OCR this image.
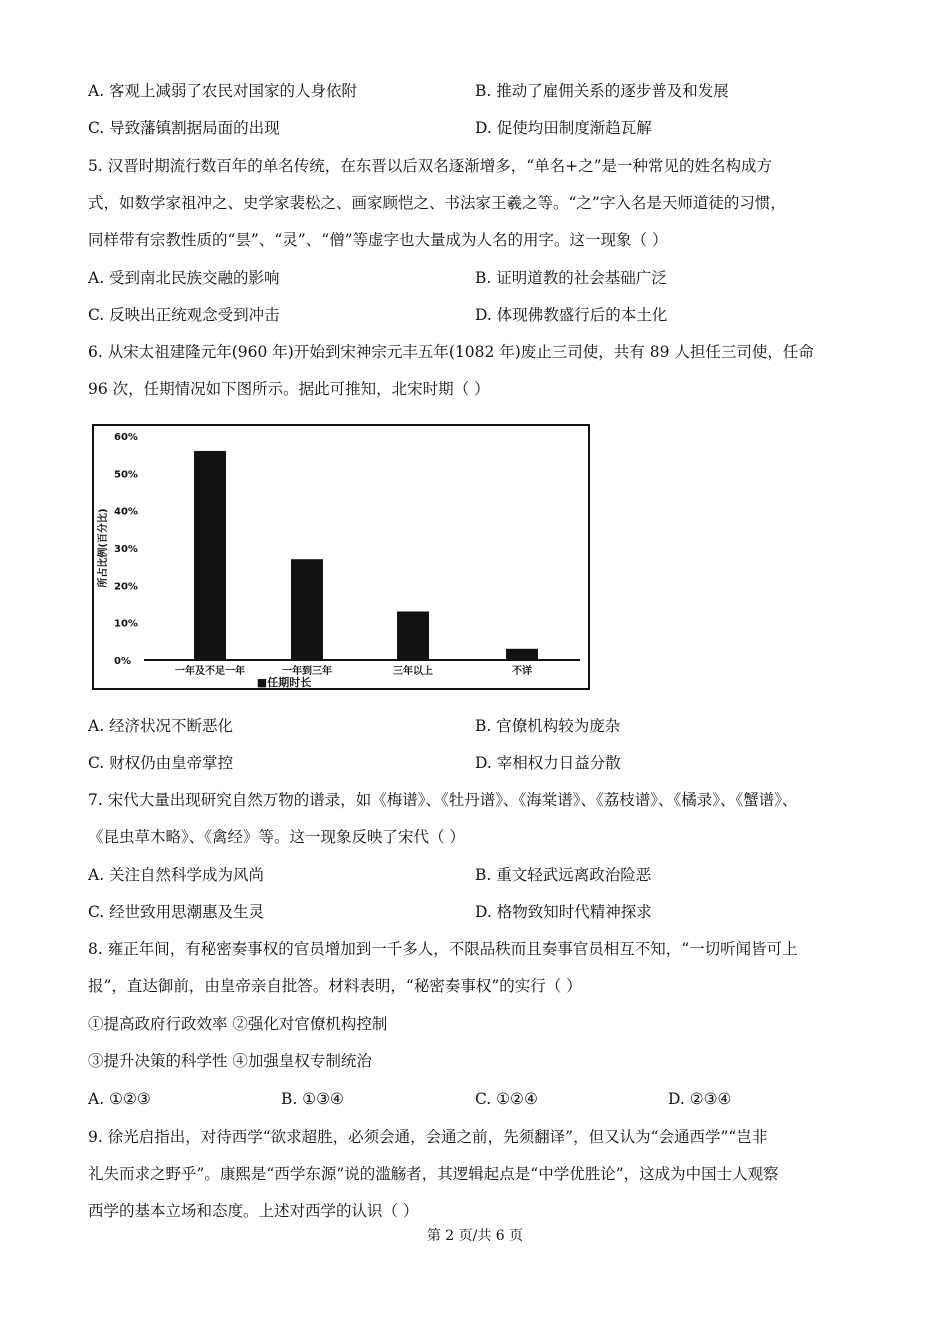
A. 客观上减弱了农民对国家的人身依附	B. 推动了雇佣关系的逐步普及和发展
C. 导致藩镇割据局面的出现	D. 促使均田制度渐趋瓦解
5. 汉晋时期流行数百年的单名传统，在东晋以后双名逐渐增多，“单名+之”是一种常见的姓名构成方
式，如数学家祖冲之、史学家裴松之、画家顾恺之、书法家王羲之等。“之”字入名是天师道徒的习惯，
同样带有宗教性质的“昙”、“灵”、“僧”等虚字也大量成为人名的用字。这一现象（ ）
A. 受到南北民族交融的影响	B. 证明道教的社会基础广泛
C. 反映出正统观念受到冲击	D. 体现佛教盛行后的本土化
6. 从宋太祖建隆元年(960 年)开始到宋神宗元丰五年(1082 年)废止三司使，共有 89 人担任三司使，任命
96 次，任期情况如下图所示。据此可推知，北宋时期（ ）
0%
10%
20%
30%
40%
50%
60%
一年及不足一年	一年到三年	三年以上	不详
所占比例(百分比)
■任期时长
A. 经济状况不断恶化	B. 官僚机构较为庞杂
C. 财权仍由皇帝掌控	D. 宰相权力日益分散
7. 宋代大量出现研究自然万物的谱录，如《梅谱》、《牡丹谱》、《海棠谱》、《荔枝谱》、《橘录》、《蟹谱》、
《昆虫草木略》、《禽经》等。这一现象反映了宋代（ ）
A. 关注自然科学成为风尚	B. 重文轻武远离政治险恶
C. 经世致用思潮惠及生灵	D. 格物致知时代精神探求
8. 雍正年间，有秘密奏事权的官员增加到一千多人，不限品秩而且奏事官员相互不知，“一切听闻皆可上
报”，直达御前，由皇帝亲自批答。材料表明，“秘密奏事权”的实行（ ）
①提高政府行政效率 ②强化对官僚机构控制
③提升决策的科学性 ④加强皇权专制统治
A. ①②③	B. ①③④	C. ①②④	D. ②③④
9. 徐光启指出，对待西学“欲求超胜，必须会通，会通之前，先须翻译”，但又认为“会通西学”“岂非
礼失而求之野乎”。康熙是“西学东源”说的滥觞者，其逻辑起点是“中学优胜论”，这成为中国士人观察
西学的基本立场和态度。上述对西学的认识（ ）
第 2 页/共 6 页
